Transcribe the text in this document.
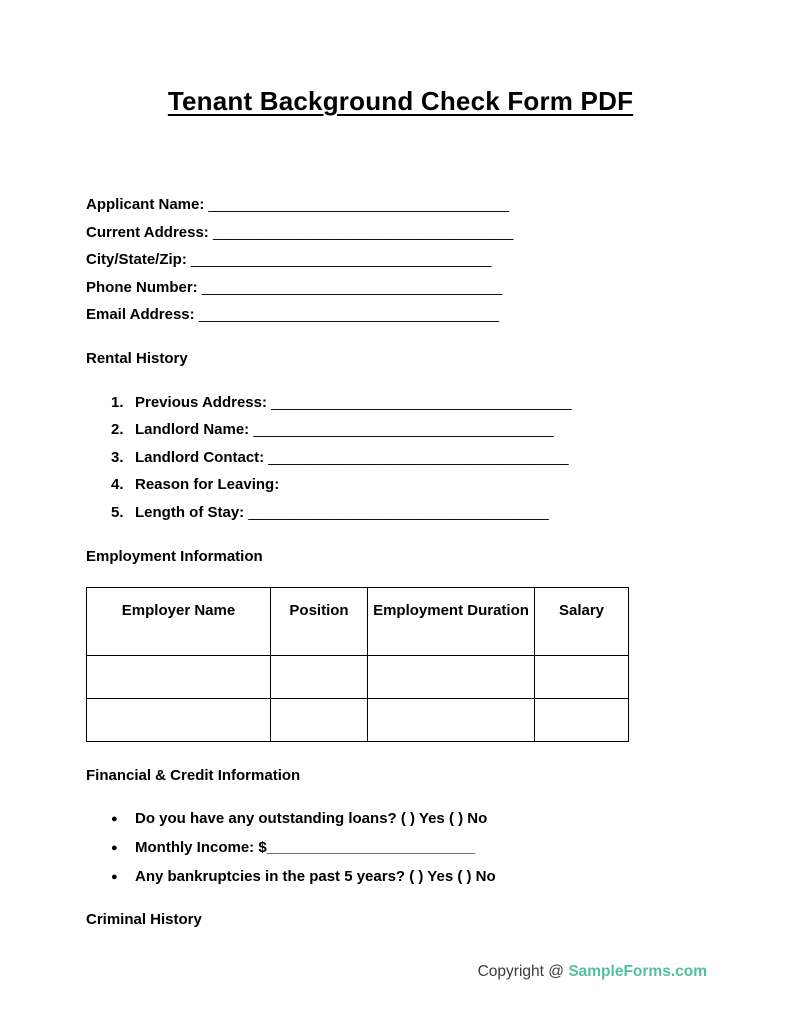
Tenant Background Check Form PDF
Applicant Name: ____________________________________
Current Address: ____________________________________
City/State/Zip: ____________________________________
Phone Number: ____________________________________
Email Address: ____________________________________
Rental History
1. Previous Address: ____________________________________
2. Landlord Name: ____________________________________
3. Landlord Contact: ____________________________________
4. Reason for Leaving:
5. Length of Stay: ____________________________________
Employment Information
Employer Name	Position	Employment Duration	Salary

Financial & Credit Information
● Do you have any outstanding loans? ( ) Yes ( ) No
● Monthly Income: $_________________________
● Any bankruptcies in the past 5 years? ( ) Yes ( ) No
Criminal History
Copyright @ SampleForms.com
